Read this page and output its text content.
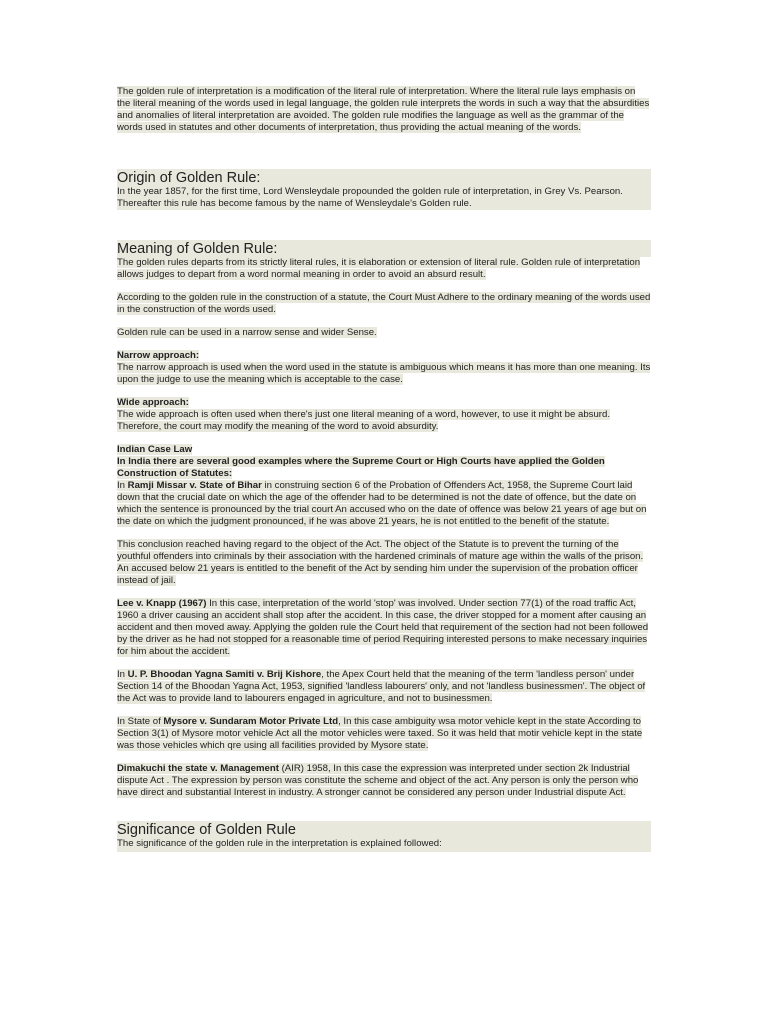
The golden rule of interpretation is a modification of the literal rule of interpretation. Where the literal rule lays emphasis on the literal meaning of the words used in legal language, the golden rule interprets the words in such a way that the absurdities and anomalies of literal interpretation are avoided. The golden rule modifies the language as well as the grammar of the words used in statutes and other documents of interpretation, thus providing the actual meaning of the words.

Origin of Golden Rule:

In the year 1857, for the first time, Lord Wensleydale propounded the golden rule of interpretation, in Grey Vs. Pearson. Thereafter this rule has become famous by the name of Wensleydale's Golden rule.

Meaning of Golden Rule:

The golden rules departs from its strictly literal rules, it is elaboration or extension of literal rule. Golden rule of interpretation allows judges to depart from a word normal meaning in order to avoid an absurd result.

According to the golden rule in the construction of a statute, the Court Must Adhere to the ordinary meaning of the words used in the construction of the words used.

Golden rule can be used in a narrow sense and wider Sense.

Narrow approach:

The narrow approach is used when the word used in the statute is ambiguous which means it has more than one meaning. Its upon the judge to use the meaning which is acceptable to the case.

Wide approach:

The wide approach is often used when there's just one literal meaning of a word, however, to use it might be absurd. Therefore, the court may modify the meaning of the word to avoid absurdity.

Indian Case Law

In India there are several good examples where the Supreme Court or High Courts have applied the Golden Construction of Statutes:

In Ramji Missar v. State of Bihar in construing section 6 of the Probation of Offenders Act, 1958, the Supreme Court laid down that the crucial date on which the age of the offender had to be determined is not the date of offence, but the date on which the sentence is pronounced by the trial court An accused who on the date of offence was below 21 years of age but on the date on which the judgment pronounced, if he was above 21 years, he is not entitled to the benefit of the statute.

This conclusion reached having regard to the object of the Act. The object of the Statute is to prevent the turning of the youthful offenders into criminals by their association with the hardened criminals of mature age within the walls of the prison. An accused below 21 years is entitled to the benefit of the Act by sending him under the supervision of the probation officer instead of jail.

Lee v. Knapp (1967) In this case, interpretation of the world 'stop' was involved. Under section 77(1) of the road traffic Act, 1960 a driver causing an accident shall stop after the accident. In this case, the driver stopped for a moment after causing an accident and then moved away. Applying the golden rule the Court held that requirement of the section had not been followed by the driver as he had not stopped for a reasonable time of period Requiring interested persons to make necessary inquiries for him about the accident.

In U. P. Bhoodan Yagna Samiti v. Brij Kishore, the Apex Court held that the meaning of the term 'landless person' under Section 14 of the Bhoodan Yagna Act, 1953, signified 'landless labourers' only, and not 'landless businessmen'. The object of the Act was to provide land to labourers engaged in agriculture, and not to businessmen.

In State of Mysore v. Sundaram Motor Private Ltd, In this case ambiguity wsa motor vehicle kept in the state According to Section 3(1) of Mysore motor vehicle Act all the motor vehicles were taxed. So it was held that motir vehicle kept in the state was those vehicles which qre using all facilities provided by Mysore state.

Dimakuchi the state v. Management (AIR) 1958, In this case the expression was interpreted under section 2k Industrial dispute Act . The expression by person was constitute the scheme and object of the act. Any person is only the person who have direct and substantial Interest in industry. A stronger cannot be considered any person under Industrial dispute Act.

Significance of Golden Rule

The significance of the golden rule in the interpretation is explained followed:
